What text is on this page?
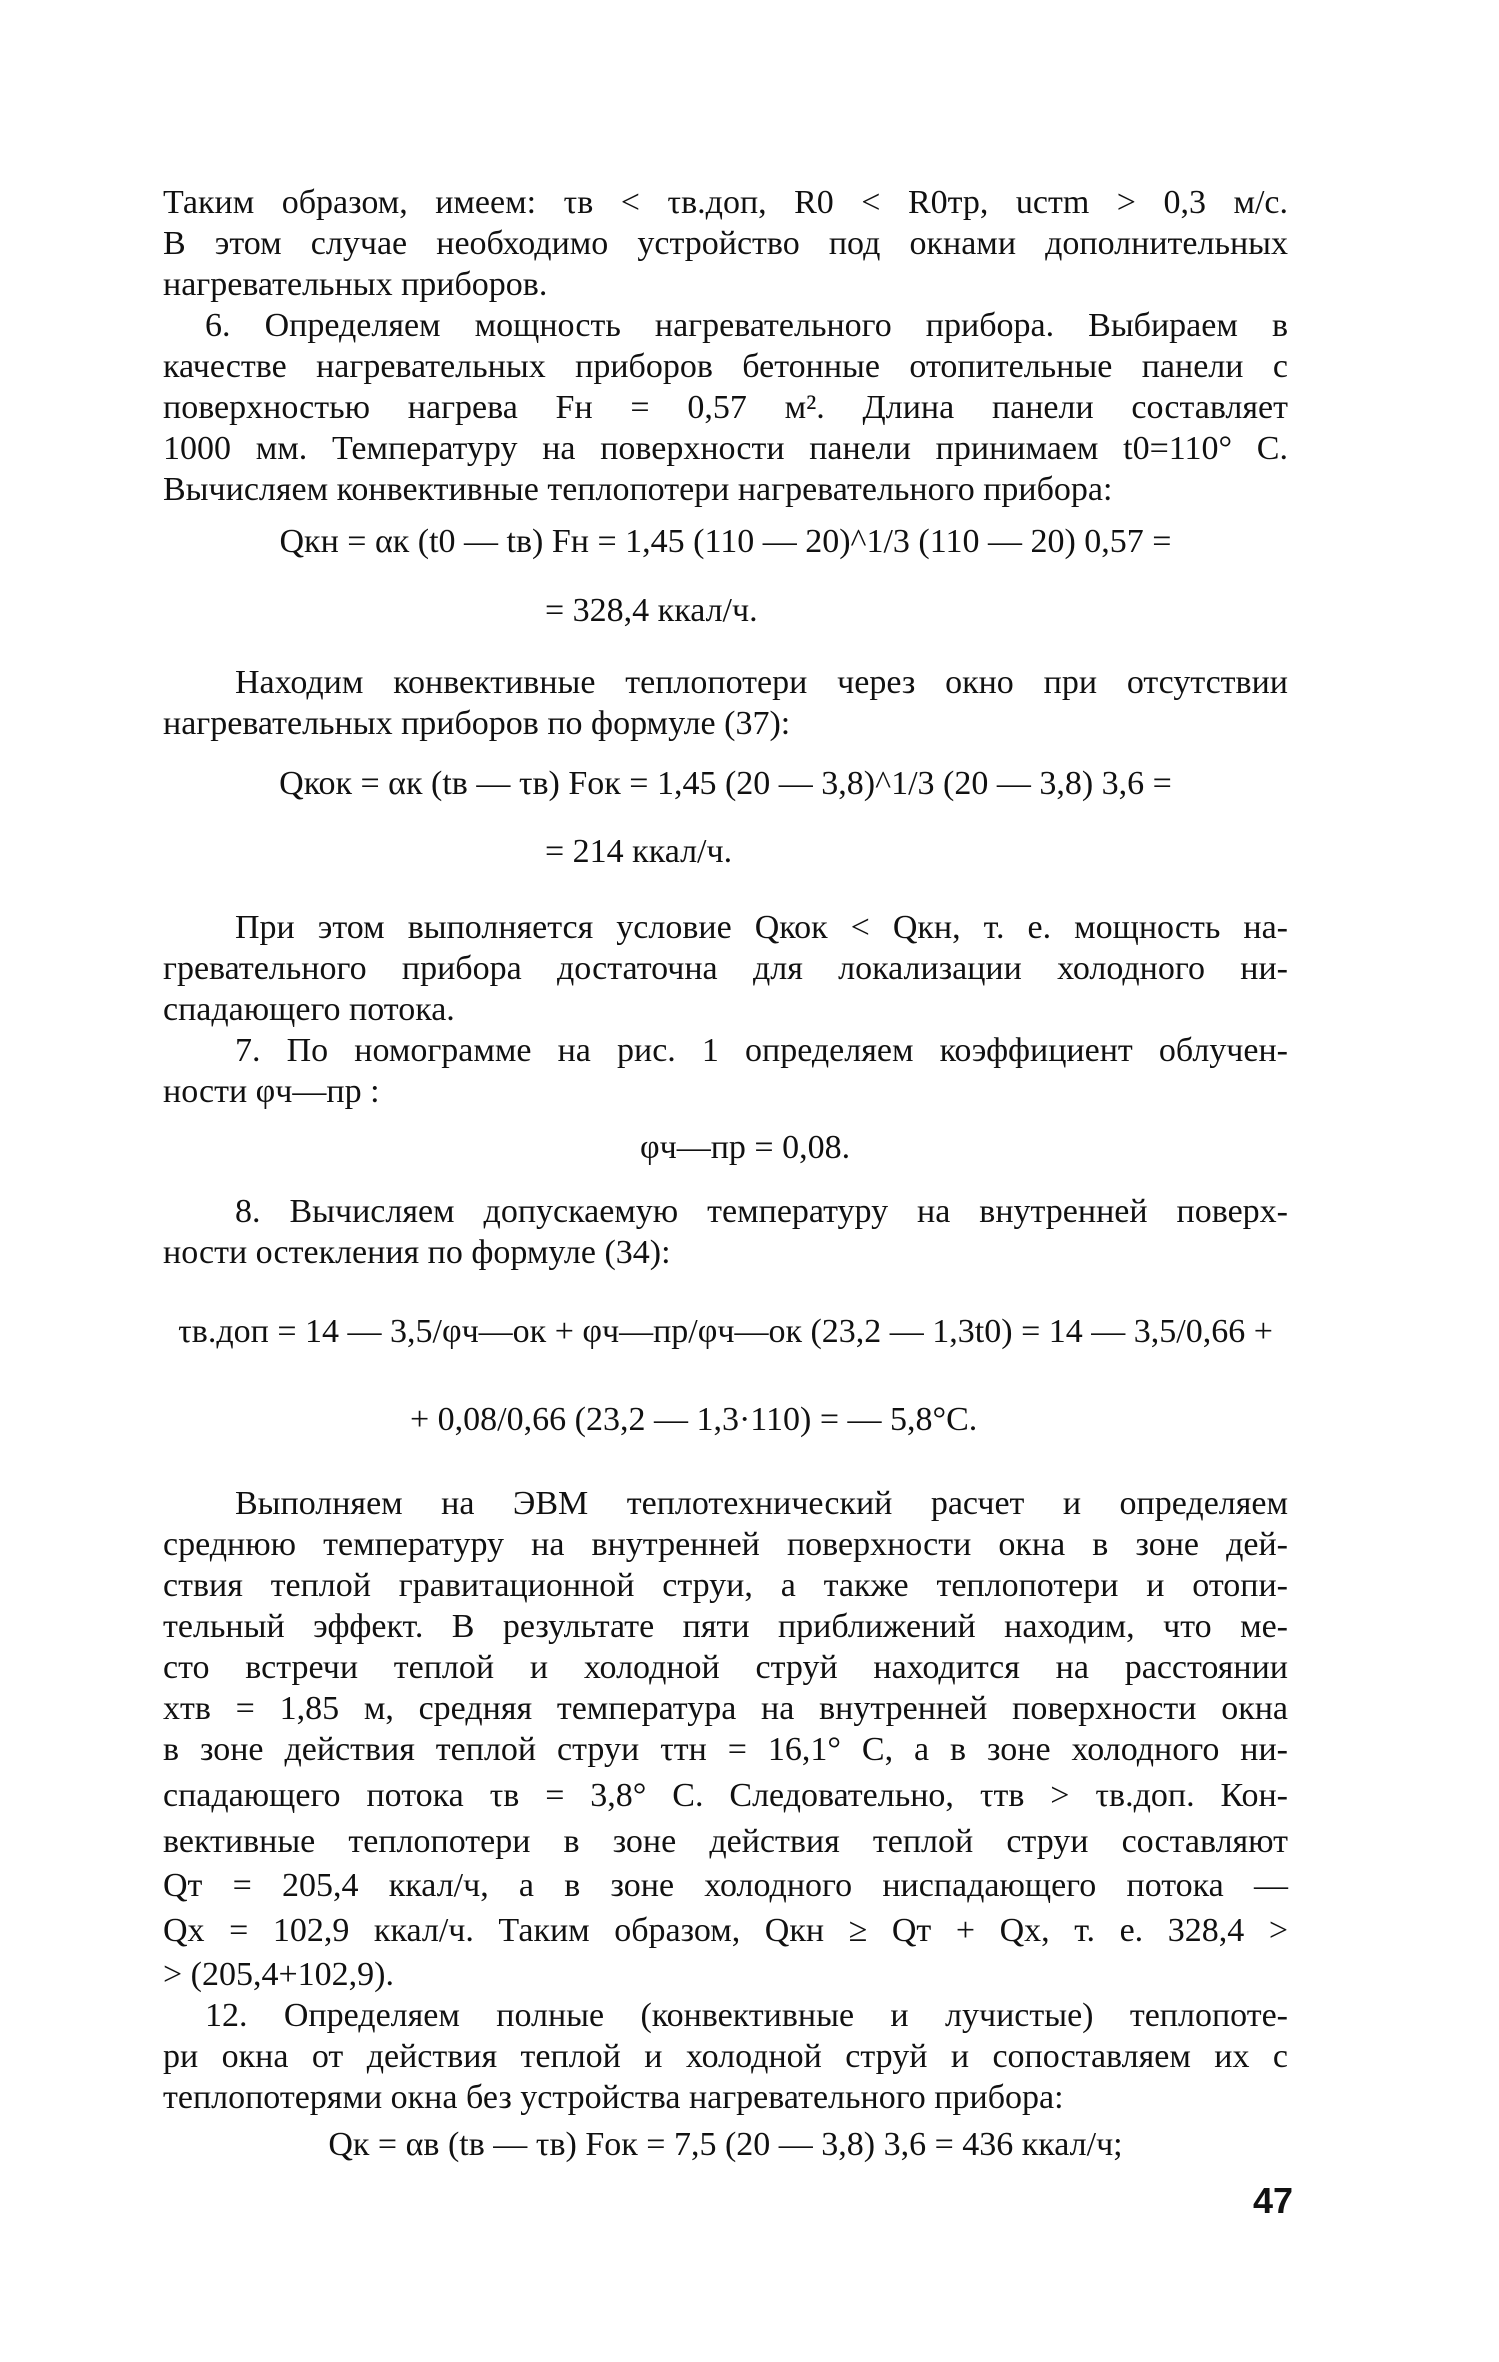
Таким образом, имеем: τв < τв.доп, R0 < R0тр, uстm > 0,3 м/с.
В этом случае необходимо устройство под окнами дополнительных
нагревательных приборов.
6. Определяем мощность нагревательного прибора. Выбираем в
качестве нагревательных приборов бетонные отопительные панели с
поверхностью нагрева Fн = 0,57 м². Длина панели составляет
1000 мм. Температуру на поверхности панели принимаем t0=110° С.
Вычисляем конвективные теплопотери нагревательного прибора:
Qкн = αк (t0 — tв) Fн = 1,45 (110 — 20)^1/3 (110 — 20) 0,57 =
= 328,4 ккал/ч.
Находим конвективные теплопотери через окно при отсутствии
нагревательных приборов по формуле (37):
Qкок = αк (tв — τв) Fок = 1,45 (20 — 3,8)^1/3 (20 — 3,8) 3,6 =
= 214 ккал/ч.
При этом выполняется условие Qкок < Qкн, т. е. мощность на-
гревательного прибора достаточна для локализации холодного ни-
спадающего потока.
7. По номограмме на рис. 1 определяем коэффициент облучен-
ности φч—пр :
φч—пр = 0,08.
8. Вычисляем допускаемую температуру на внутренней поверх-
ности остекления по формуле (34):
τв.доп = 14 — 3,5/φч—ок + φч—пр/φч—ок (23,2 — 1,3t0) = 14 — 3,5/0,66 +
+ 0,08/0,66 (23,2 — 1,3·110) = — 5,8°C.
Выполняем на ЭВМ теплотехнический расчет и определяем
среднюю температуру на внутренней поверхности окна в зоне дей-
ствия теплой гравитационной струи, а также теплопотери и отопи-
тельный эффект. В результате пяти приближений находим, что ме-
сто встречи теплой и холодной струй находится на расстоянии
xтв = 1,85 м, средняя температура на внутренней поверхности окна
в зоне действия теплой струи τтн = 16,1° С, а в зоне холодного ни-
спадающего потока τв = 3,8° С. Следовательно, τтв > τв.доп. Кон-
вективные теплопотери в зоне действия теплой струи составляют
Qт = 205,4 ккал/ч, а в зоне холодного ниспадающего потока —
Qх = 102,9 ккал/ч. Таким образом, Qкн ≥ Qт + Qх, т. е. 328,4 >
> (205,4+102,9).
12. Определяем полные (конвективные и лучистые) теплопоте-
ри окна от действия теплой и холодной струй и сопоставляем их с
теплопотерями окна без устройства нагревательного прибора:
Qк = αв (tв — τв) Fок = 7,5 (20 — 3,8) 3,6 = 436 ккал/ч;
47
